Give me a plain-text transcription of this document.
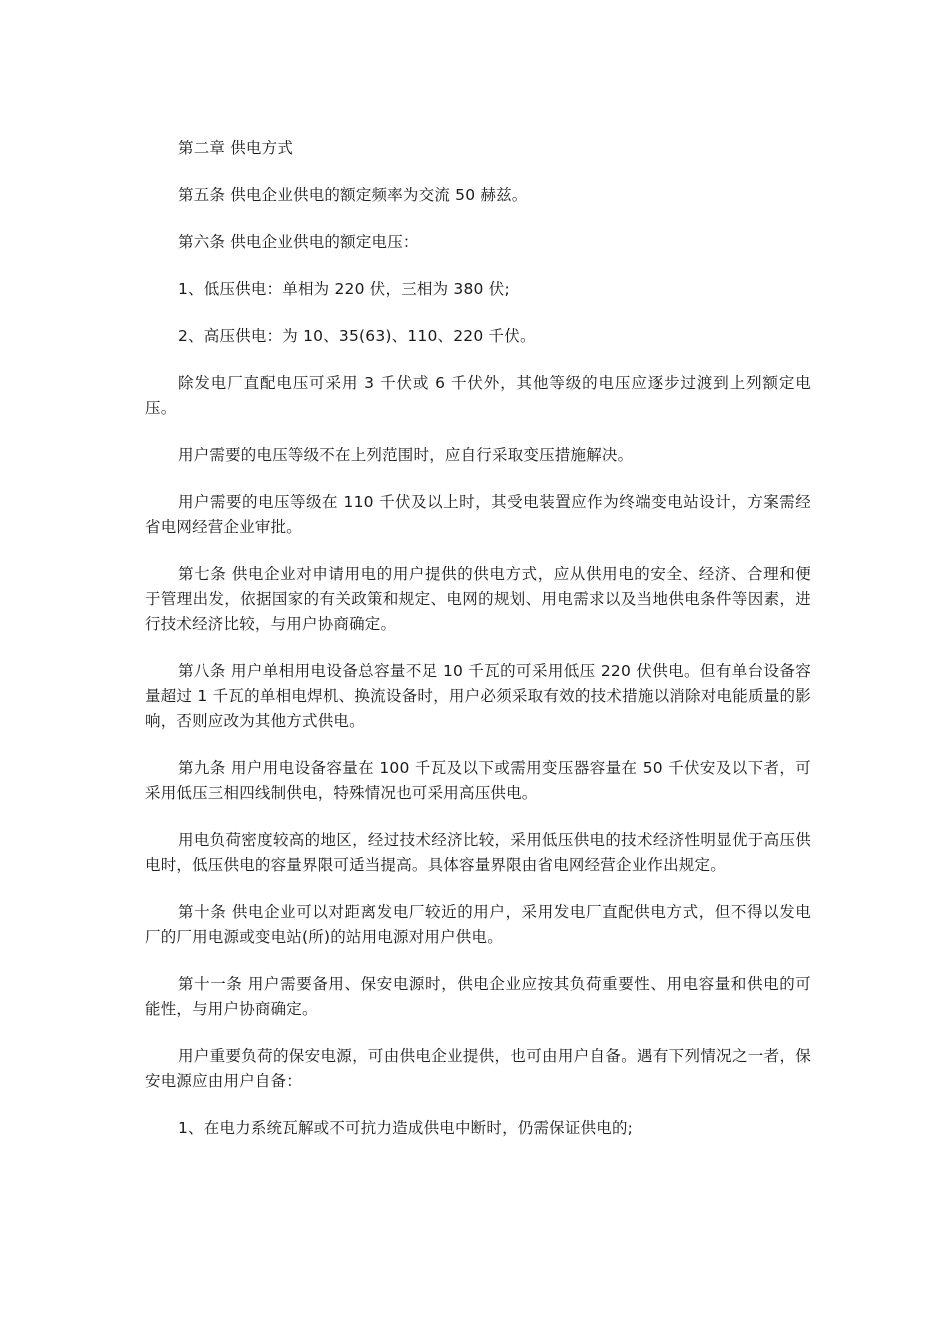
第二章 供电方式

第五条 供电企业供电的额定频率为交流 50 赫兹。

第六条 供电企业供电的额定电压：

1、低压供电：单相为 220 伏，三相为 380 伏;

2、高压供电：为 10、35(63)、110、220 千伏。

除发电厂直配电压可采用 3 千伏或 6 千伏外，其他等级的电压应逐步过渡到上列额定电压。

用户需要的电压等级不在上列范围时，应自行采取变压措施解决。

用户需要的电压等级在 110 千伏及以上时，其受电装置应作为终端变电站设计，方案需经省电网经营企业审批。

第七条 供电企业对申请用电的用户提供的供电方式，应从供用电的安全、经济、合理和便于管理出发，依据国家的有关政策和规定、电网的规划、用电需求以及当地供电条件等因素，进行技术经济比较，与用户协商确定。

第八条 用户单相用电设备总容量不足 10 千瓦的可采用低压 220 伏供电。但有单台设备容量超过 1 千瓦的单相电焊机、换流设备时，用户必须采取有效的技术措施以消除对电能质量的影响，否则应改为其他方式供电。

第九条 用户用电设备容量在 100 千瓦及以下或需用变压器容量在 50 千伏安及以下者，可采用低压三相四线制供电，特殊情况也可采用高压供电。

用电负荷密度较高的地区，经过技术经济比较，采用低压供电的技术经济性明显优于高压供电时，低压供电的容量界限可适当提高。具体容量界限由省电网经营企业作出规定。

第十条 供电企业可以对距离发电厂较近的用户，采用发电厂直配供电方式，但不得以发电厂的厂用电源或变电站(所)的站用电源对用户供电。

第十一条 用户需要备用、保安电源时，供电企业应按其负荷重要性、用电容量和供电的可能性，与用户协商确定。

用户重要负荷的保安电源，可由供电企业提供，也可由用户自备。遇有下列情况之一者，保安电源应由用户自备：

1、在电力系统瓦解或不可抗力造成供电中断时，仍需保证供电的;
